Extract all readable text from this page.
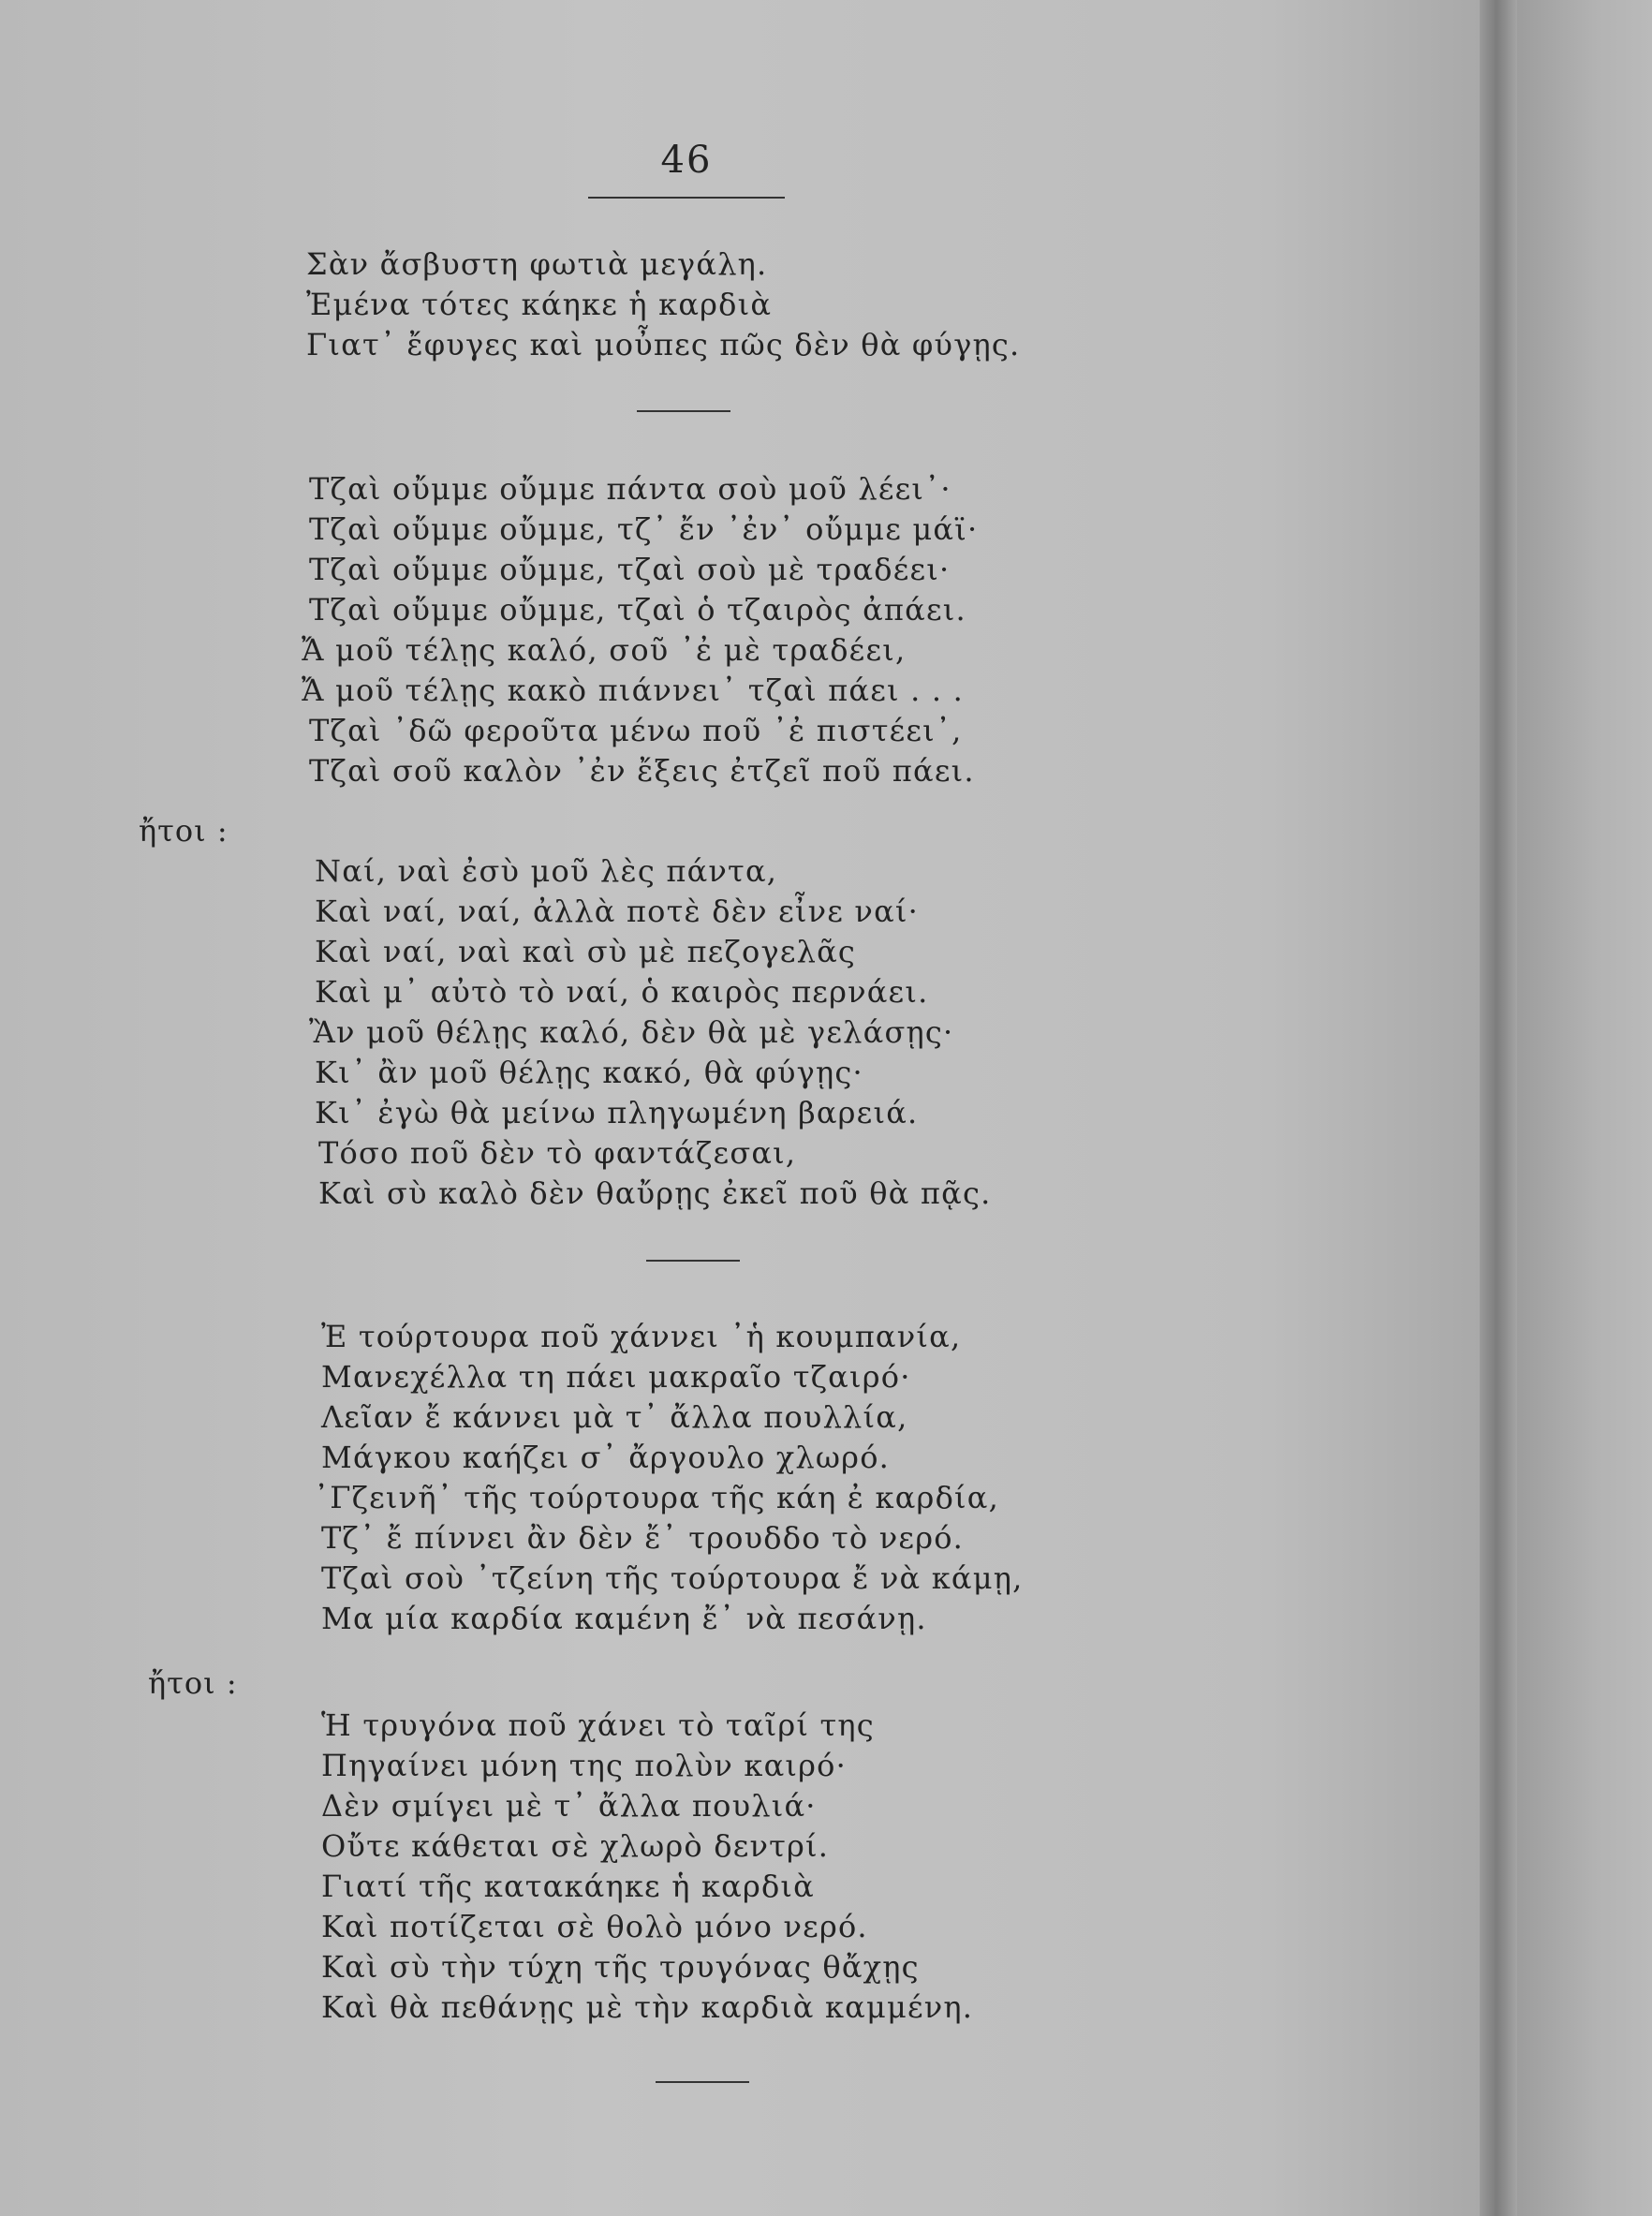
46
Σὰν ἄσβυστη φωτιὰ μεγάλη.
Ἐμένα τότες κάηκε ἡ καρδιὰ
Γιατ᾿ ἔφυγες καὶ μοὖπες πῶς δὲν θὰ φύγῃς.
Τζαὶ οὔμμε οὔμμε πάντα σοὺ μοῦ λέει᾿·
Τζαὶ οὔμμε οὔμμε, τζ᾿ ἔν ᾿ἐν᾿ οὔμμε μάϊ·
Τζαὶ οὔμμε οὔμμε, τζαὶ σοὺ μὲ τραδέει·
Τζαὶ οὔμμε οὔμμε, τζαὶ ὁ τζαιρὸς ἀπάει.
Ἄ μοῦ τέλῃς καλό, σοῦ ᾿ἐ μὲ τραδέει,
Ἄ μοῦ τέλῃς κακὸ πιάννει᾿ τζαὶ πάει . . .
Τζαὶ ᾿δῶ φεροῦτα μένω ποῦ ᾿ἐ πιστέει᾿,
Τζαὶ σοῦ καλὸν ᾿ἐν ἔξεις ἐτζεῖ ποῦ πάει.
ἤτοι :
Ναί, ναὶ ἐσὺ μοῦ λὲς πάντα,
Καὶ ναί, ναί, ἀλλὰ ποτὲ δὲν εἶνε ναί·
Καὶ ναί, ναὶ καὶ σὺ μὲ πεζογελᾶς
Καὶ μ᾿ αὐτὸ τὸ ναί, ὁ καιρὸς περνάει.
Ἂν μοῦ θέλῃς καλό, δὲν θὰ μὲ γελάσῃς·
Κι᾿ ἂν μοῦ θέλῃς κακό, θὰ φύγῃς·
Κι᾿ ἐγὼ θὰ μείνω πληγωμένη βαρειά.
Τόσο ποῦ δὲν τὸ φαντάζεσαι,
Καὶ σὺ καλὸ δὲν θαὔρῃς ἐκεῖ ποῦ θὰ πᾷς.
Ἐ τούρτουρα ποῦ χάννει ᾿ἡ κουμπανία,
Μανεχέλλα τη πάει μακραῖο τζαιρό·
Λεῖαν ἔ κάννει μὰ τ᾿ ἄλλα πουλλία,
Μάγκου καήζει σ᾿ ἄργουλο χλωρό.
᾿Γζεινῆ᾿ τῆς τούρτουρα τῆς κάη ἐ καρδία,
Τζ᾿ ἔ πίννει ἂν δὲν ἔ᾿ τρουδδο τὸ νερό.
Τζαὶ σοὺ ᾿τζείνη τῆς τούρτουρα ἔ νὰ κάμῃ,
Μα μία καρδία καμένη ἔ᾿ νὰ πεσάνῃ.
ἤτοι :
Ἡ τρυγόνα ποῦ χάνει τὸ ταῖρί της
Πηγαίνει μόνη της πολὺν καιρό·
Δὲν σμίγει μὲ τ᾿ ἄλλα πουλιά·
Οὔτε κάθεται σὲ χλωρὸ δεντρί.
Γιατί τῆς κατακάηκε ἡ καρδιὰ
Καὶ ποτίζεται σὲ θολὸ μόνο νερό.
Καὶ σὺ τὴν τύχη τῆς τρυγόνας θἄχῃς
Καὶ θὰ πεθάνῃς μὲ τὴν καρδιὰ καμμένη.
